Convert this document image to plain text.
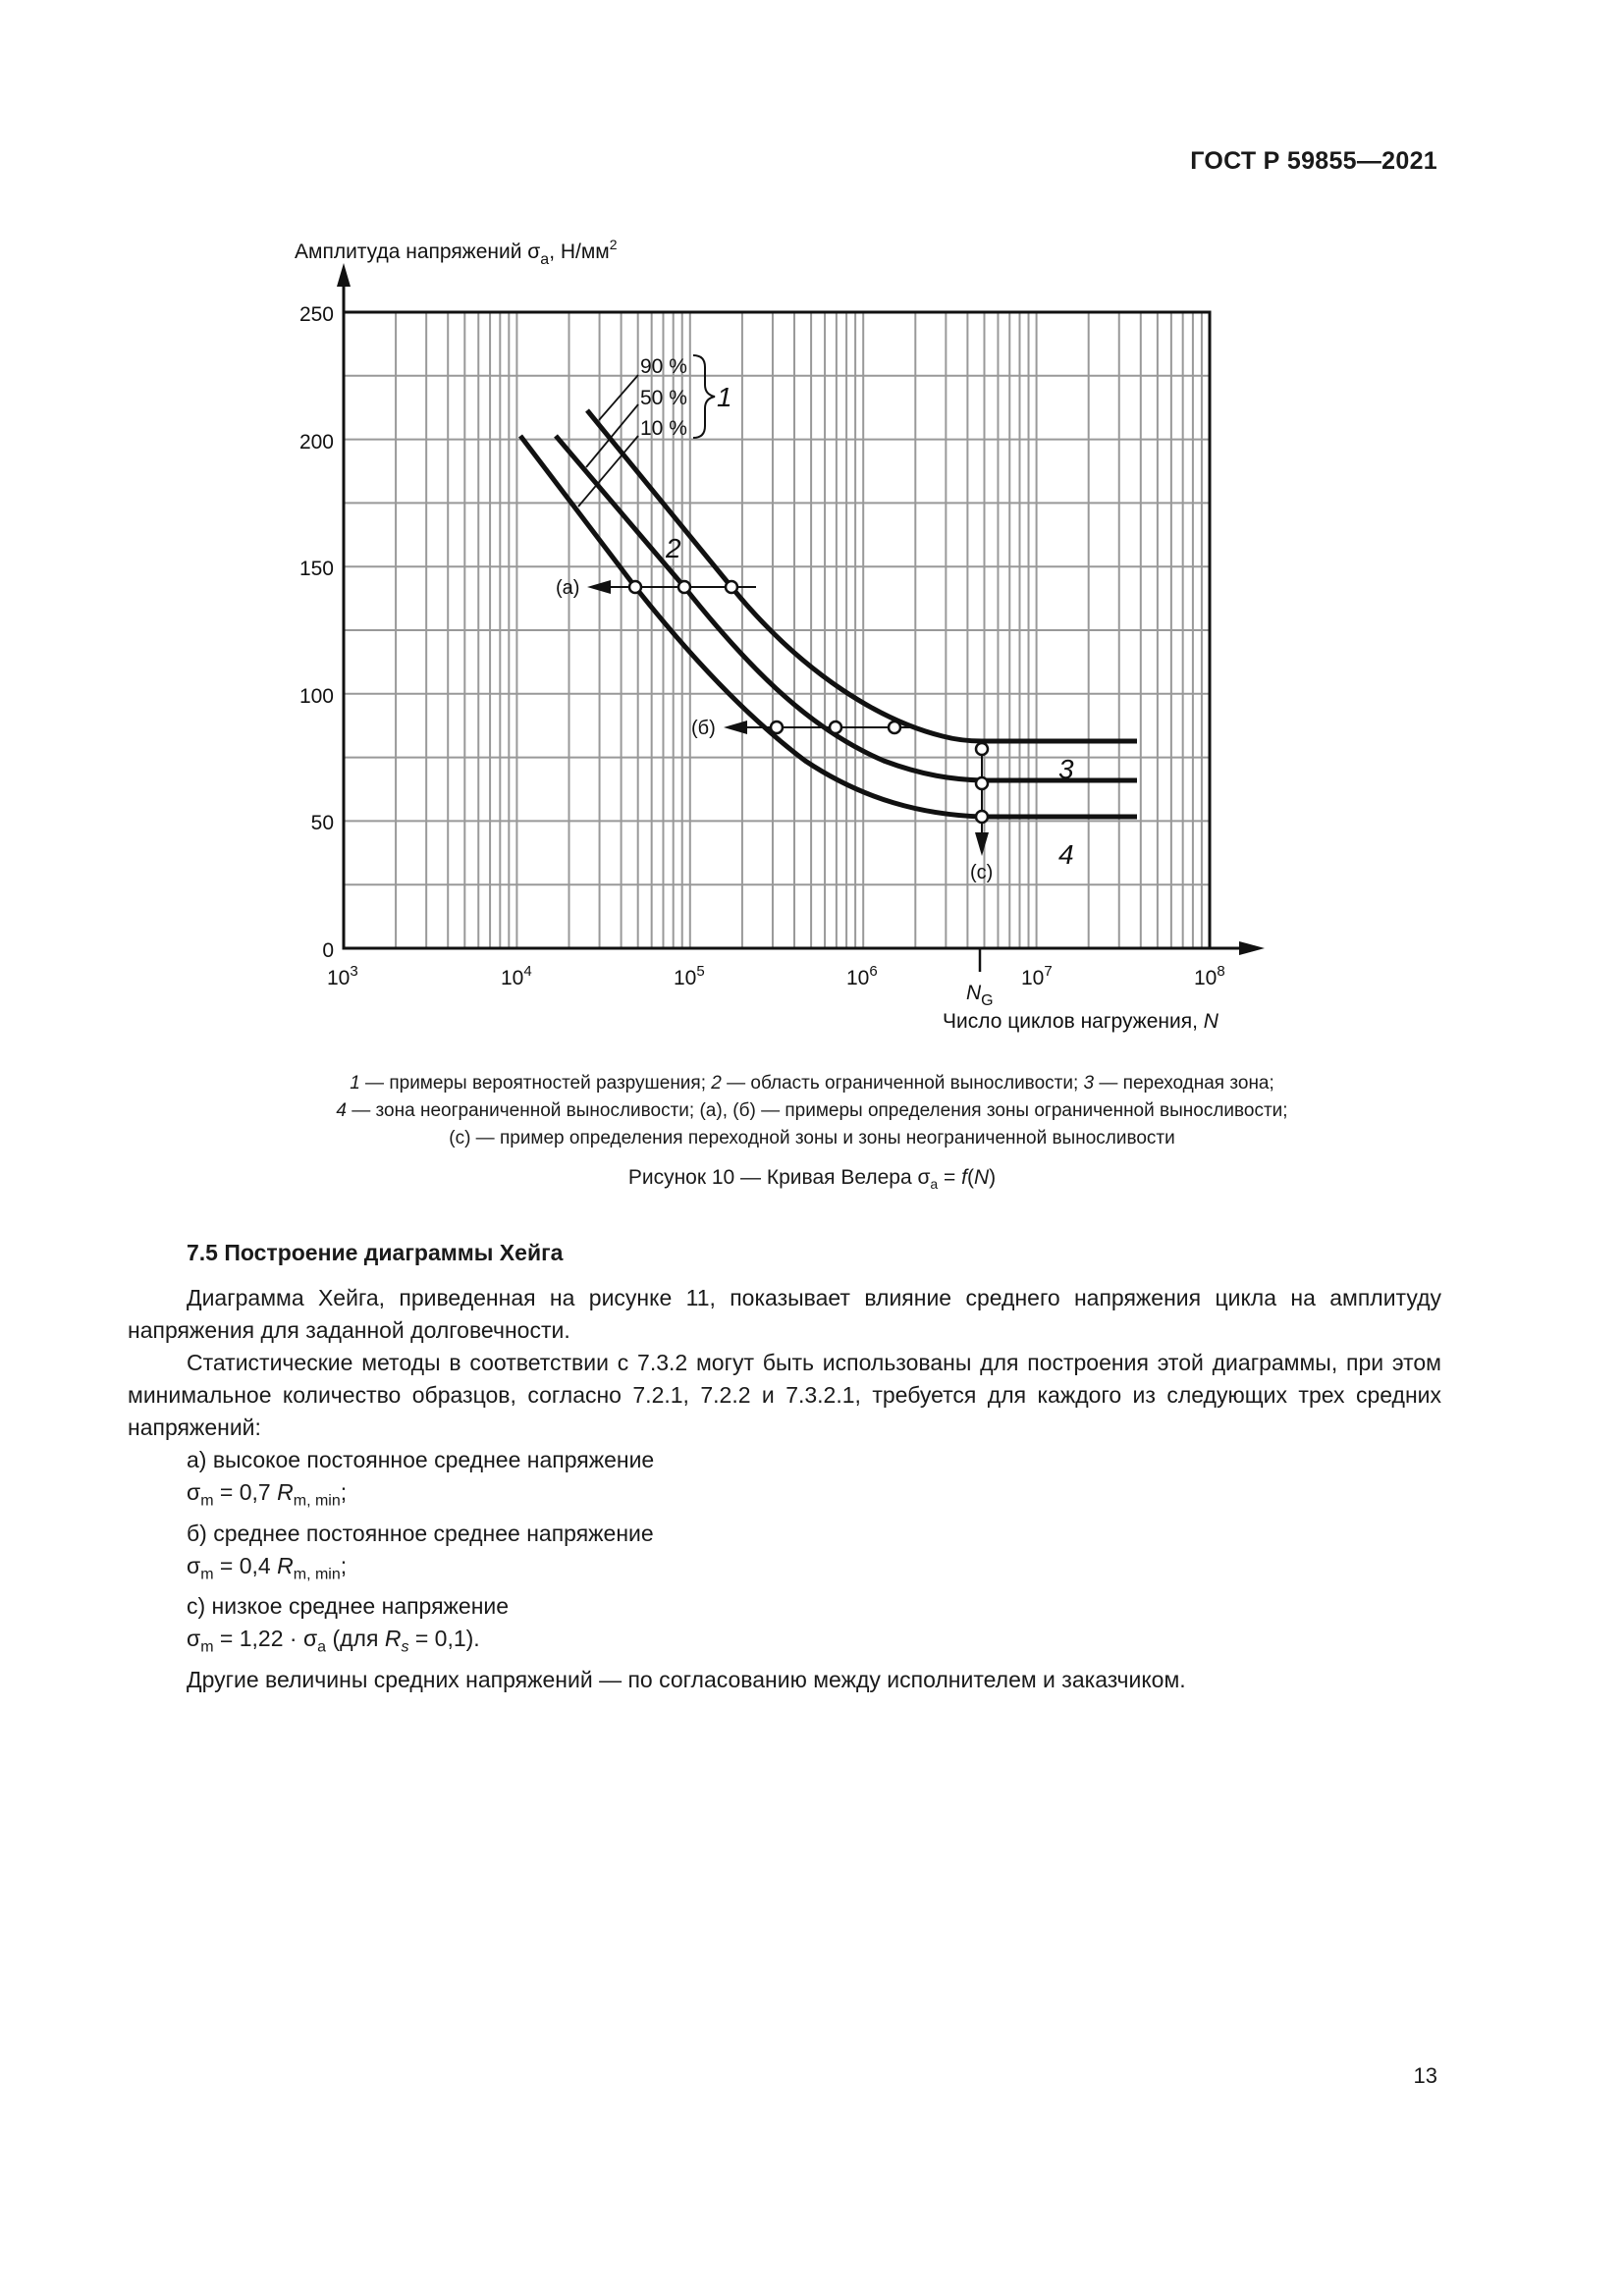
ГОСТ Р 59855—2021
90 %
50 %
10 %
1
2
3
4
(а)
(б)
(с)
0
50
100
150
200
250
Амплитуда напряжений $\sigma_a$, $Н/мм^2$
$10^3$	$10^4$	$10^5$	$10^6$	$10^7$	$10^8$
$N_G$
Число циклов нагружения, N
1 — примеры вероятностей разрушения; 2 — область ограниченной выносливости; 3 — переходная зона;
4 — зона неограниченной выносливости; (а), (б) — примеры определения зоны ограниченной выносливости;
(с) — пример определения переходной зоны и зоны неограниченной выносливости
Рисунок 10 — Кривая Велера $\sigma_a = f(N)$
7.5 Построение диаграммы Хейга

Диаграмма Хейга, приведенная на рисунке 11, показывает влияние среднего напряжения цикла на амплитуду напряжения для заданной долговечности.

Статистические методы в соответствии с 7.3.2 могут быть использованы для построения этой диаграммы, при этом минимальное количество образцов, согласно 7.2.1, 7.2.2 и 7.3.2.1, требуется для каждого из следующих трех средних напряжений:

а) высокое постоянное среднее напряжение

$\sigma_m = 0,7$ $R_{m, min}$;

б) среднее постоянное среднее напряжение

$\sigma_m = 0,4$ $R_{m, min}$;

с) низкое среднее напряжение

$\sigma_m = 1,22 \cdot \sigma_a$ (для $R_s = 0,1$).

Другие величины средних напряжений — по согласованию между исполнителем и заказчиком.

13
